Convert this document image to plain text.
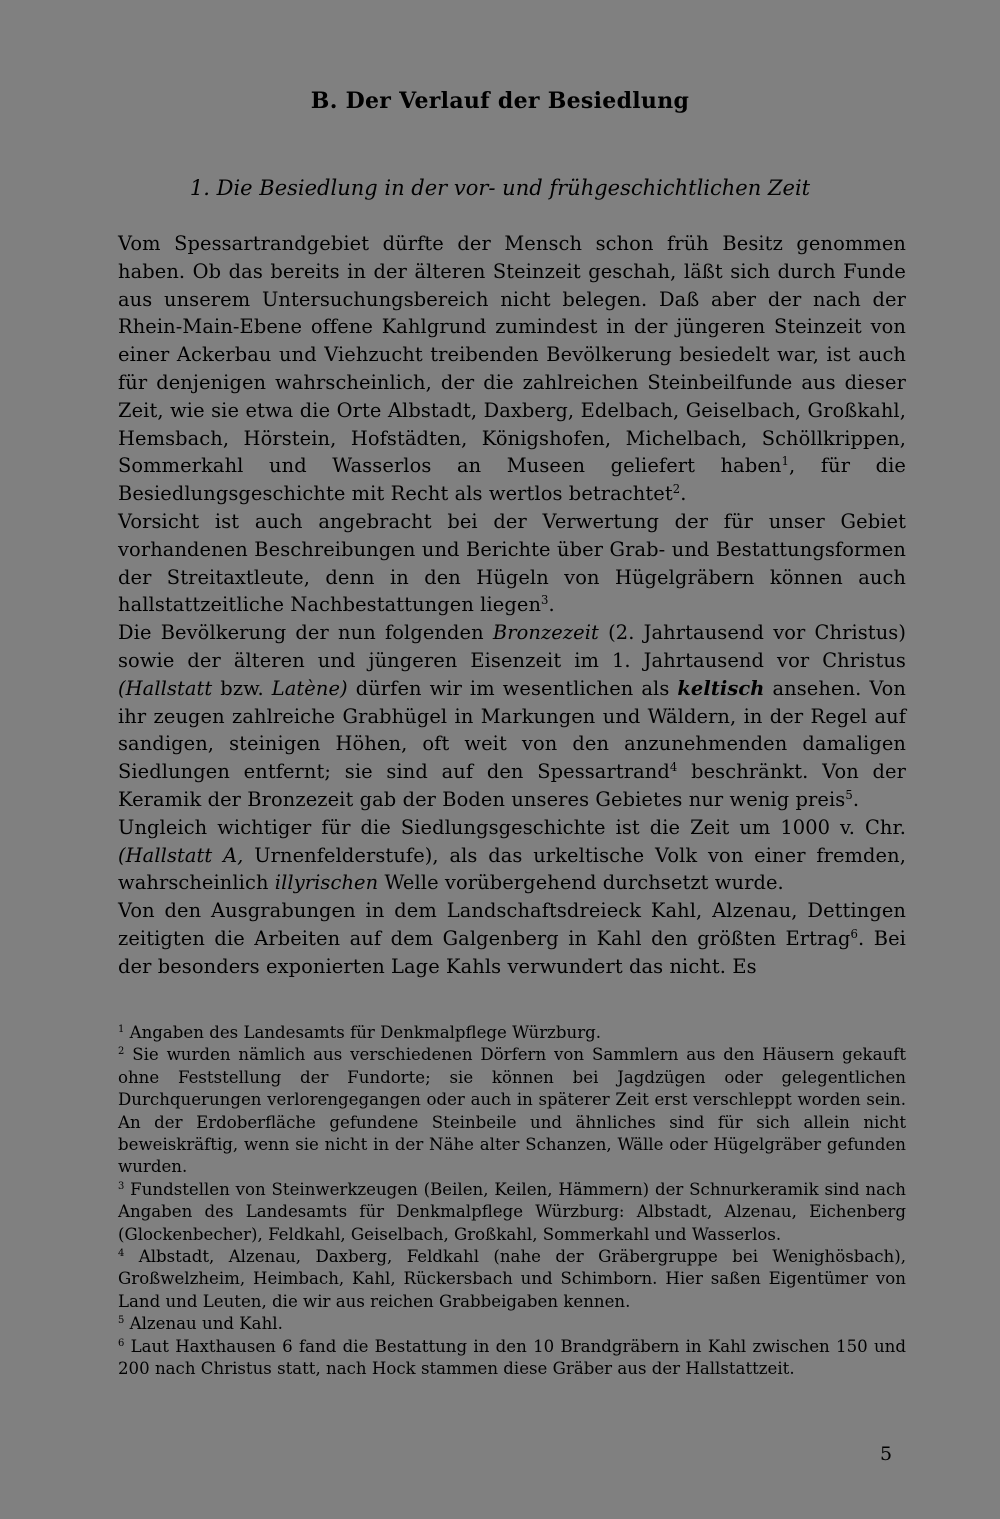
B. Der Verlauf der Besiedlung
1. Die Besiedlung in der vor- und frühgeschichtlichen Zeit

Vom Spessartrandgebiet dürfte der Mensch schon früh Besitz genommen haben. Ob das bereits in der älteren Steinzeit geschah, läßt sich durch Funde aus unserem Untersuchungsbereich nicht belegen. Daß aber der nach der Rhein-Main-Ebene offene Kahlgrund zumindest in der jüngeren Steinzeit von einer Ackerbau und Viehzucht treibenden Bevölkerung besiedelt war, ist auch für denjenigen wahrscheinlich, der die zahlreichen Steinbeilfunde aus dieser Zeit, wie sie etwa die Orte Albstadt, Daxberg, Edelbach, Geiselbach, Großkahl, Hemsbach, Hörstein, Hofstädten, Königshofen, Michelbach, Schöllkrippen, Sommerkahl und Wasserlos an Museen geliefert haben$^1$, für die Besiedlungsgeschichte mit Recht als wertlos betrachtet$^2$.

Vorsicht ist auch angebracht bei der Verwertung der für unser Gebiet vorhandenen Beschreibungen und Berichte über Grab- und Bestattungsformen der Streitaxtleute, denn in den Hügeln von Hügelgräbern können auch hallstattzeitliche Nachbestattungen liegen$^3$.

Die Bevölkerung der nun folgenden Bronzezeit (2. Jahrtausend vor Christus) sowie der älteren und jüngeren Eisenzeit im 1. Jahrtausend vor Christus (Hallstatt bzw. Latène) dürfen wir im wesentlichen als keltisch ansehen. Von ihr zeugen zahlreiche Grabhügel in Markungen und Wäldern, in der Regel auf sandigen, steinigen Höhen, oft weit von den anzunehmenden damaligen Siedlungen entfernt; sie sind auf den Spessartrand$^4$ beschränkt. Von der Keramik der Bronzezeit gab der Boden unseres Gebietes nur wenig preis$^5$.

Ungleich wichtiger für die Siedlungsgeschichte ist die Zeit um 1000 v. Chr. (Hallstatt A, Urnenfelderstufe), als das urkeltische Volk von einer fremden, wahrscheinlich illyrischen Welle vorübergehend durchsetzt wurde.

Von den Ausgrabungen in dem Landschaftsdreieck Kahl, Alzenau, Dettingen zeitigten die Arbeiten auf dem Galgenberg in Kahl den größten Ertrag$^6$. Bei der besonders exponierten Lage Kahls verwundert das nicht. Es

$^1$ Angaben des Landesamts für Denkmalpflege Würzburg.

$^2$ Sie wurden nämlich aus verschiedenen Dörfern von Sammlern aus den Häusern gekauft ohne Feststellung der Fundorte; sie können bei Jagdzügen oder gelegentlichen Durchquerungen verlorengegangen oder auch in späterer Zeit erst verschleppt worden sein. An der Erdoberfläche gefundene Steinbeile und ähnliches sind für sich allein nicht beweiskräftig, wenn sie nicht in der Nähe alter Schanzen, Wälle oder Hügelgräber gefunden wurden.

$^3$ Fundstellen von Steinwerkzeugen (Beilen, Keilen, Hämmern) der Schnurkeramik sind nach Angaben des Landesamts für Denkmalpflege Würzburg: Albstadt, Alzenau, Eichenberg (Glockenbecher), Feldkahl, Geiselbach, Großkahl, Sommerkahl und Wasserlos.

$^4$ Albstadt, Alzenau, Daxberg, Feldkahl (nahe der Gräbergruppe bei Wenighösbach), Großwelzheim, Heimbach, Kahl, Rückersbach und Schimborn. Hier saßen Eigentümer von Land und Leuten, die wir aus reichen Grabbeigaben kennen.

$^5$ Alzenau und Kahl.

$^6$ Laut Haxthausen 6 fand die Bestattung in den 10 Brandgräbern in Kahl zwischen 150 und 200 nach Christus statt, nach Hock stammen diese Gräber aus der Hallstattzeit.

5
